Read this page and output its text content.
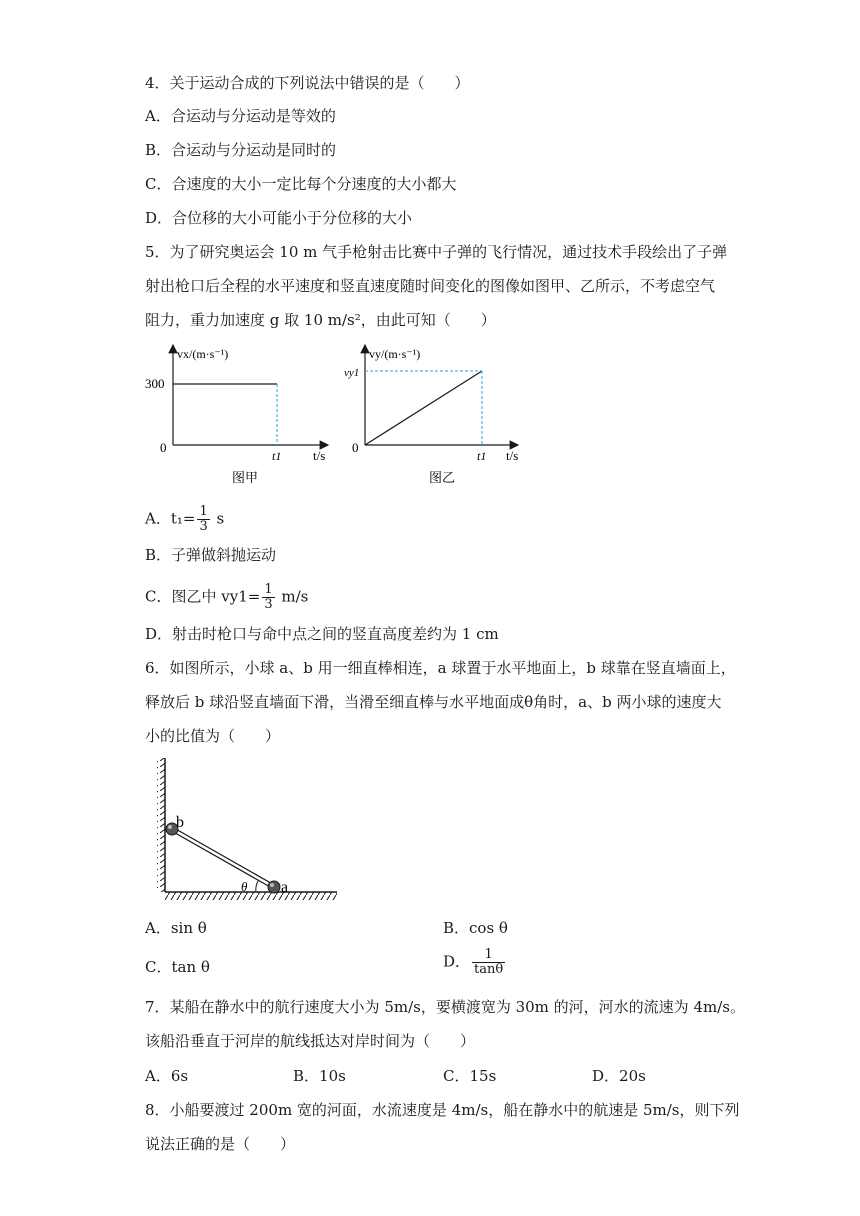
4．关于运动合成的下列说法中错误的是（　　）
A．合运动与分运动是等效的
B．合运动与分运动是同时的
C．合速度的大小一定比每个分速度的大小都大
D．合位移的大小可能小于分位移的大小
5．为了研究奥运会 10 m 气手枪射击比赛中子弹的飞行情况，通过技术手段绘出了子弹
射出枪口后全程的水平速度和竖直速度随时间变化的图像如图甲、乙所示，不考虑空气
阻力，重力加速度 g 取 10 m/s²，由此可知（　　）
vx/(m·s⁻¹)
300
0
t1 t/s
图甲
vy/(m·s⁻¹)
vy1
0
t1 t/s
图乙
A．$t_1= \frac{1}{3}$ s
B．子弹做斜抛运动
C．图乙中 $vy1= \frac{1}{3} m/s$
D．射击时枪口与命中点之间的竖直高度差约为 1 cm
6．如图所示，小球 a、b 用一细直棒相连，a 球置于水平地面上，b 球靠在竖直墙面上，
释放后 b 球沿竖直墙面下滑，当滑至细直棒与水平地面成θ角时，a、b 两小球的速度大
小的比值为（　　）
b
a
θ
A．sin θ	B．cos θ
C．tan θ	D． $\frac{1}{\tan\theta}$
7．某船在静水中的航行速度大小为 5m/s，要横渡宽为 30m 的河，河水的流速为 4m/s。
该船沿垂直于河岸的航线抵达对岸时间为（　　）
A．6s	B．10s	C．15s	D．20s
8．小船要渡过 200m 宽的河面，水流速度是 4m/s，船在静水中的航速是 5m/s，则下列
说法正确的是（　　）
